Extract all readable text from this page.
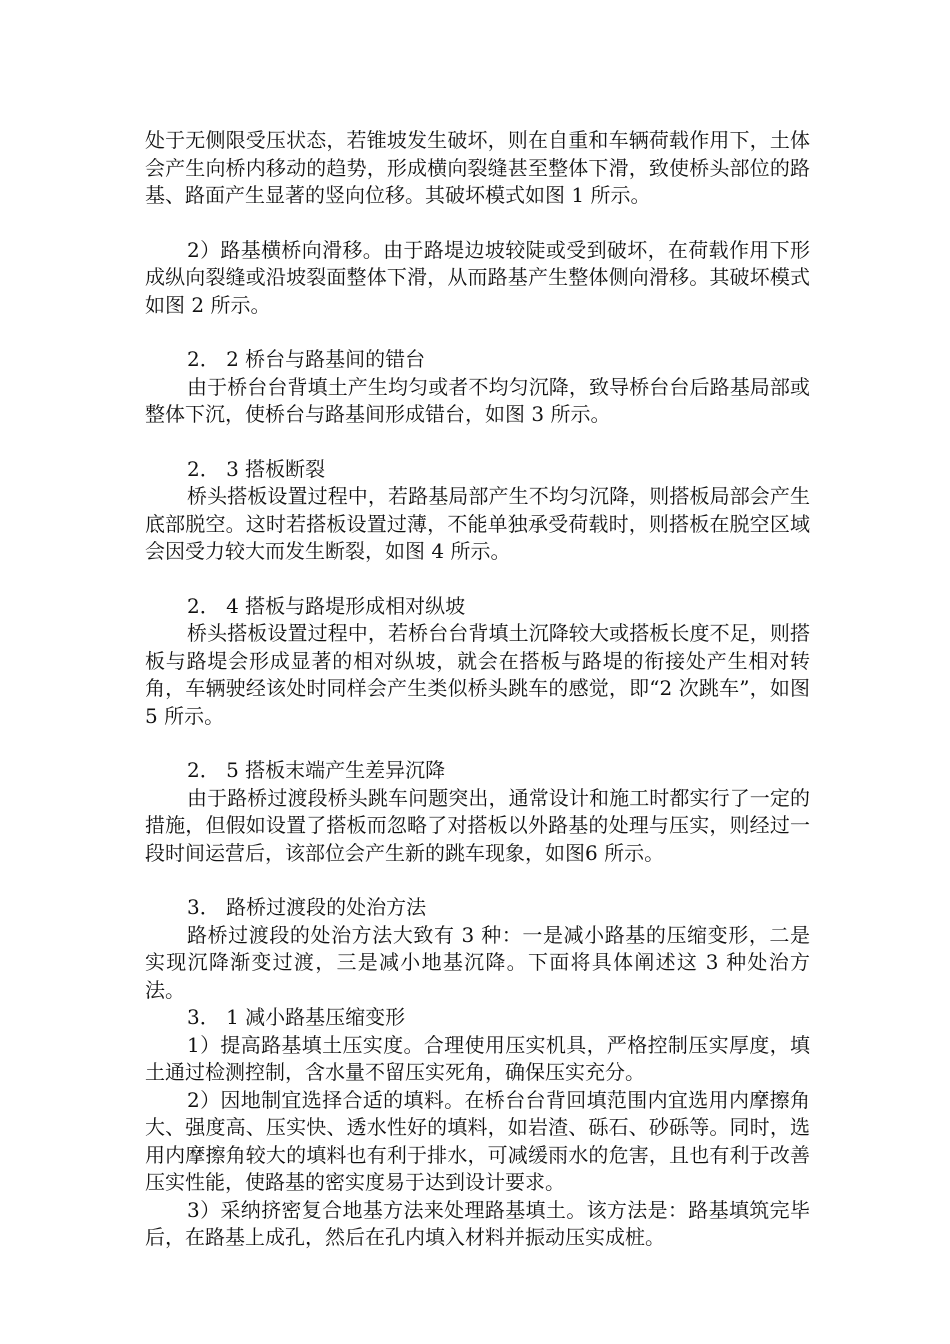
处于无侧限受压状态，若锥坡发生破坏，则在自重和车辆荷载作用下，土体会产生向桥内移动的趋势，形成横向裂缝甚至整体下滑，致使桥头部位的路基、路面产生显著的竖向位移。其破坏模式如图 1 所示。

2）路基横桥向滑移。由于路堤边坡较陡或受到破坏，在荷载作用下形成纵向裂缝或沿坡裂面整体下滑，从而路基产生整体侧向滑移。其破坏模式如图 2 所示。

2． 2 桥台与路基间的错台

由于桥台台背填土产生均匀或者不均匀沉降，致导桥台台后路基局部或整体下沉，使桥台与路基间形成错台，如图 3 所示。

2． 3 搭板断裂

桥头搭板设置过程中，若路基局部产生不均匀沉降，则搭板局部会产生底部脱空。这时若搭板设置过薄，不能单独承受荷载时，则搭板在脱空区域会因受力较大而发生断裂，如图 4 所示。

2． 4 搭板与路堤形成相对纵坡

桥头搭板设置过程中，若桥台台背填土沉降较大或搭板长度不足，则搭板与路堤会形成显著的相对纵坡，就会在搭板与路堤的衔接处产生相对转角，车辆驶经该处时同样会产生类似桥头跳车的感觉，即“2 次跳车”，如图 5 所示。

2． 5 搭板末端产生差异沉降

由于路桥过渡段桥头跳车问题突出，通常设计和施工时都实行了一定的措施，但假如设置了搭板而忽略了对搭板以外路基的处理与压实，则经过一段时间运营后，该部位会产生新的跳车现象，如图6 所示。

3． 路桥过渡段的处治方法

路桥过渡段的处治方法大致有 3 种：一是减小路基的压缩变形，二是实现沉降渐变过渡，三是减小地基沉降。下面将具体阐述这 3 种处治方法。

3． 1 减小路基压缩变形

1）提高路基填土压实度。合理使用压实机具，严格控制压实厚度，填土通过检测控制，含水量不留压实死角，确保压实充分。

2）因地制宜选择合适的填料。在桥台台背回填范围内宜选用内摩擦角大、强度高、压实快、透水性好的填料，如岩渣、砾石、砂砾等。同时，选用内摩擦角较大的填料也有利于排水，可减缓雨水的危害，且也有利于改善压实性能，使路基的密实度易于达到设计要求。

3）采纳挤密复合地基方法来处理路基填土。该方法是：路基填筑完毕后，在路基上成孔，然后在孔内填入材料并振动压实成桩。
